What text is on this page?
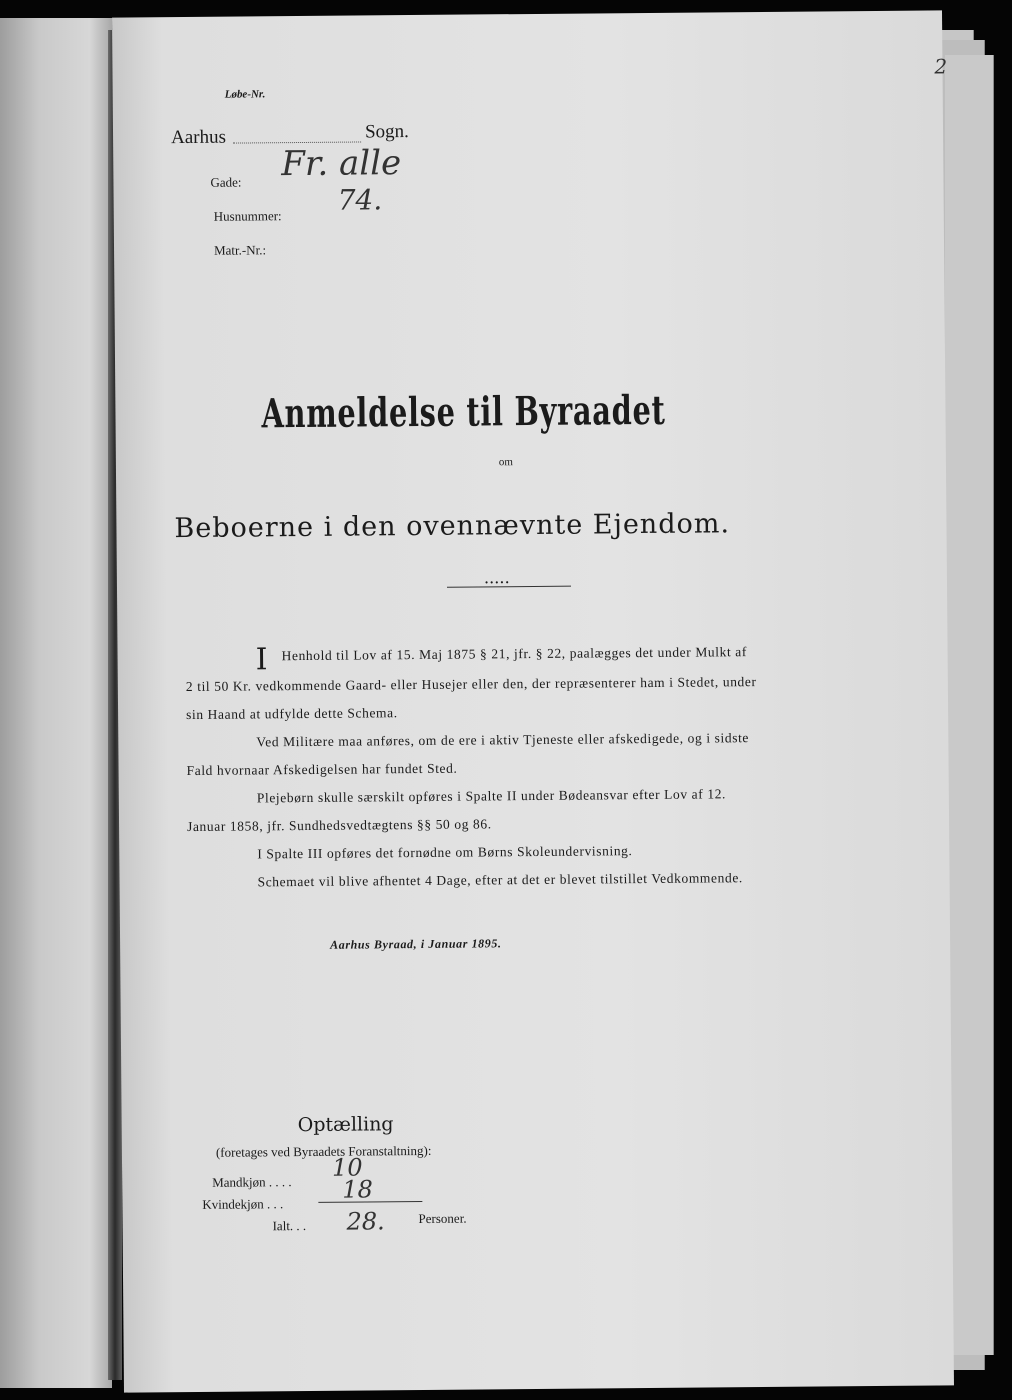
2
Løbe-Nr.
Aarhus	Sogn.
Gade: Fr. alle
74.
Husnummer:
Matr.-Nr.:
Anmeldelse til Byraadet
om
Beboerne i den ovennævnte Ejendom.
•••••
I Henhold til Lov af 15. Maj 1875 § 21, jfr. § 22, paalægges det under Mulkt af
2 til 50 Kr. vedkommende Gaard- eller Husejer eller den, der repræsenterer ham i Stedet, under
sin Haand at udfylde dette Schema.
Ved Militære maa anføres, om de ere i aktiv Tjeneste eller afskedigede, og i sidste
Fald hvornaar Afskedigelsen har fundet Sted.
Plejebørn skulle særskilt opføres i Spalte II under Bødeansvar efter Lov af 12.
Januar 1858, jfr. Sundhedsvedtægtens §§ 50 og 86.
I Spalte III opføres det fornødne om Børns Skoleundervisning.
Schemaet vil blive afhentet 4 Dage, efter at det er blevet tilstillet Vedkommende.
Aarhus Byraad, i Januar 1895.
Optælling
(foretages ved Byraadets Foranstaltning):
Mandkjøn . . . .
10
Kvindekjøn . . .
18
Ialt. . . 28.	Personer.
